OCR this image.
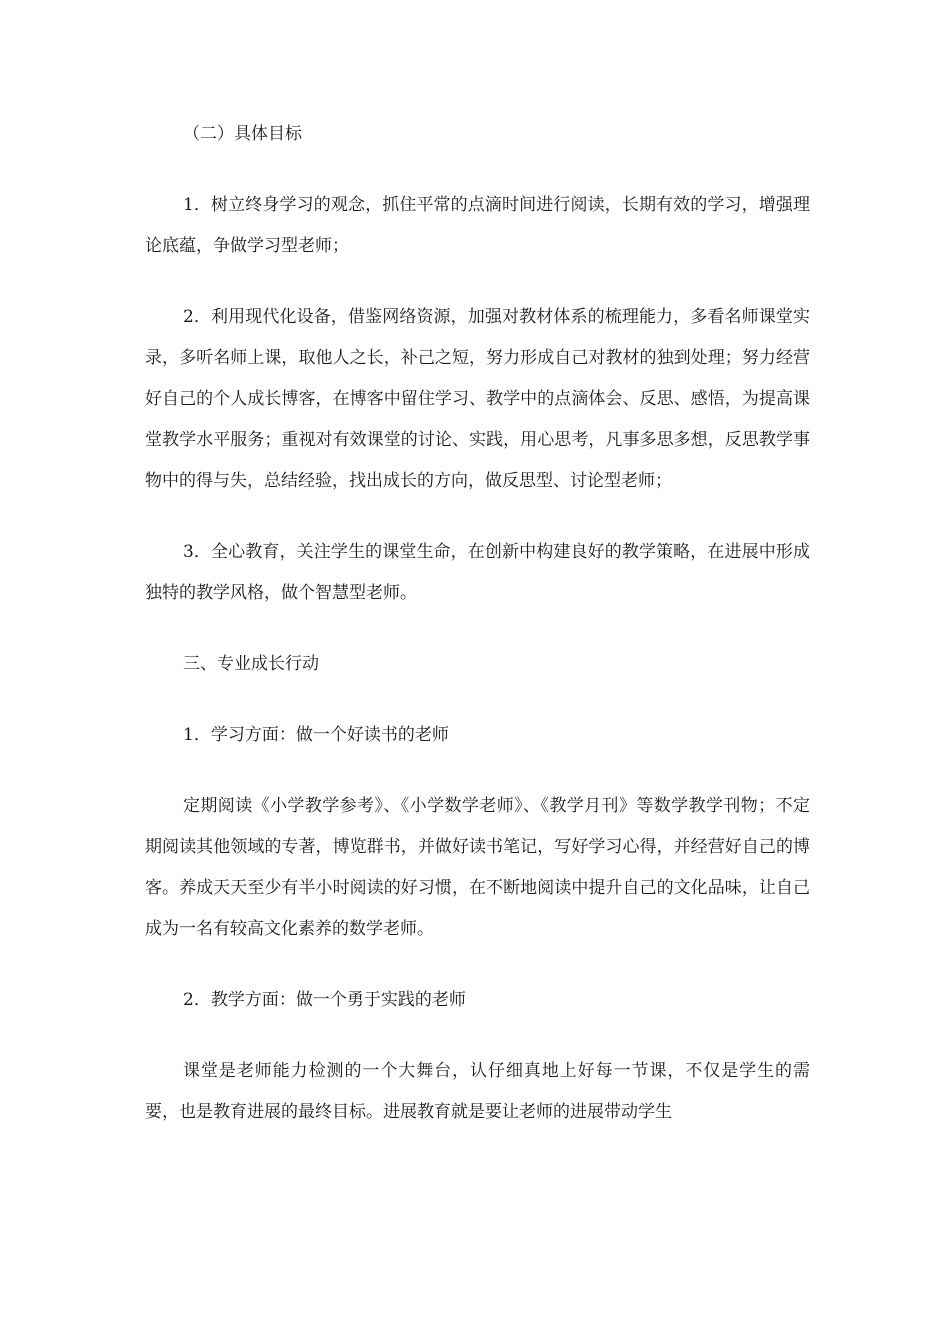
（二）具体目标

1．树立终身学习的观念，抓住平常的点滴时间进行阅读，长期有效的学习，增强理论底蕴，争做学习型老师；

2．利用现代化设备，借鉴网络资源，加强对教材体系的梳理能力，多看名师课堂实录，多听名师上课，取他人之长，补己之短，努力形成自己对教材的独到处理；努力经营好自己的个人成长博客，在博客中留住学习、教学中的点滴体会、反思、感悟，为提高课堂教学水平服务；重视对有效课堂的讨论、实践，用心思考，凡事多思多想，反思教学事物中的得与失，总结经验，找出成长的方向，做反思型、讨论型老师；

3．全心教育，关注学生的课堂生命，在创新中构建良好的教学策略，在进展中形成独特的教学风格，做个智慧型老师。

三、专业成长行动

1．学习方面：做一个好读书的老师

定期阅读《小学教学参考》、《小学数学老师》、《教学月刊》等数学教学刊物；不定期阅读其他领域的专著，博览群书，并做好读书笔记，写好学习心得，并经营好自己的博客。养成天天至少有半小时阅读的好习惯，在不断地阅读中提升自己的文化品味，让自己成为一名有较高文化素养的数学老师。

2．教学方面：做一个勇于实践的老师

课堂是老师能力检测的一个大舞台，认仔细真地上好每一节课，不仅是学生的需要，也是教育进展的最终目标。进展教育就是要让老师的进展带动学生
